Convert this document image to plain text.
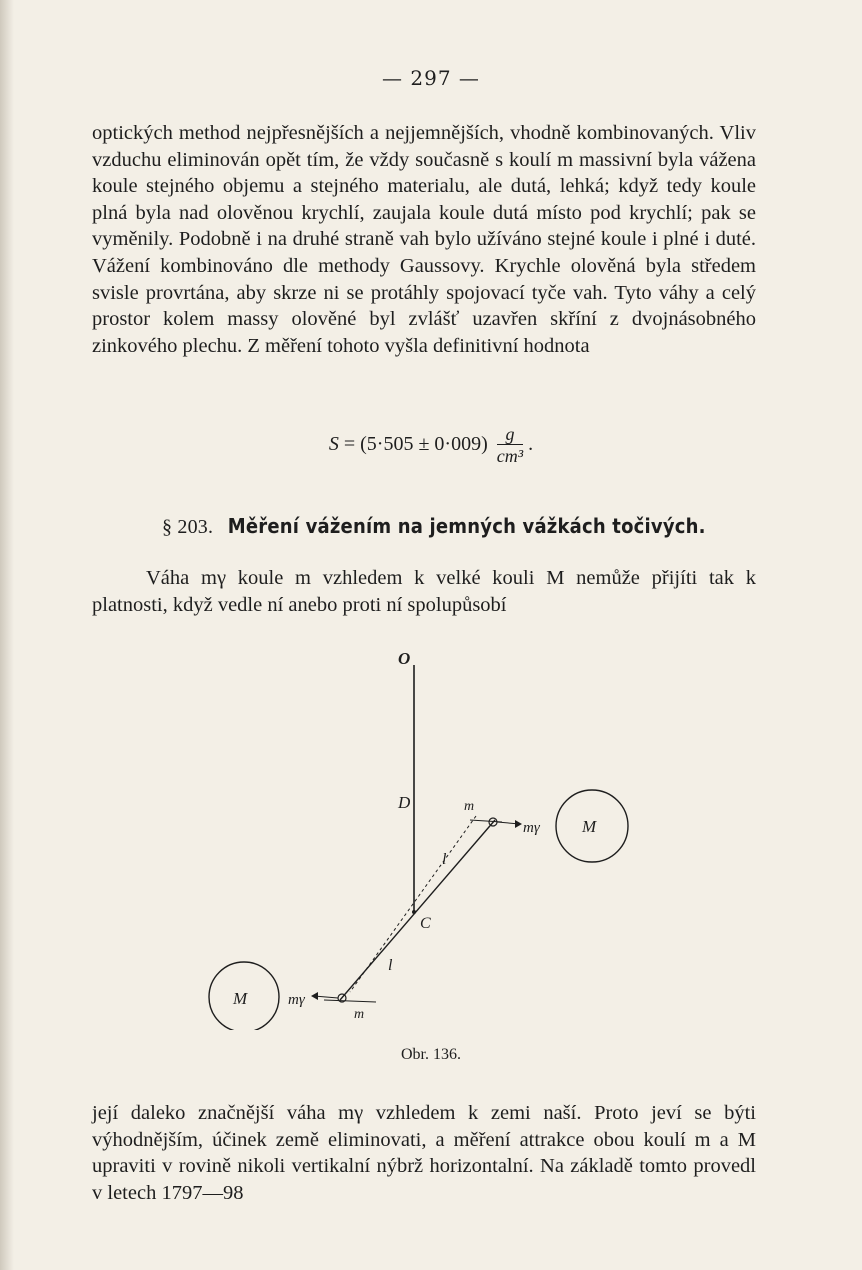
— 297 —

optických method nejpřesnějších a nejjemnějších, vhodně kombinovaných. Vliv vzduchu eliminován opět tím, že vždy současně s koulí m massivní byla vážena koule stejného objemu a stejného materialu, ale dutá, lehká; když tedy koule plná byla nad olověnou krychlí, zaujala koule dutá místo pod krychlí; pak se vyměnily. Podobně i na druhé straně vah bylo užíváno stejné koule i plné i duté. Vážení kombinováno dle methody Gaussovy. Krychle olověná byla středem svisle provrtána, aby skrze ni se protáhly spojovací tyče vah. Tyto váhy a celý prostor kolem massy olověné byl zvlášť uzavřen skříní z dvojnásobného zinkového plechu. Z měření tohoto vyšla definitivní hodnota

$S = (5\cdot 505 \pm 0\cdot 009) \frac{g}{\text{cm³}}$ .
§ 203. Měření vážením na jemných vážkách točivých.

Váha mγ koule m vzhledem k velké kouli M nemůže přijíti tak k platnosti, když vedle ní anebo proti ní spolupůsobí

O
D	m
mγ M
l
C
l
M	mγ
m
Obr. 136.

její daleko značnější váha mγ vzhledem k zemi naší. Proto jeví se býti výhodnějším, účinek země eliminovati, a měření attrakce obou koulí m a M upraviti v rovině nikoli vertikalní nýbrž horizontalní. Na základě tomto provedl v letech 1797—98
